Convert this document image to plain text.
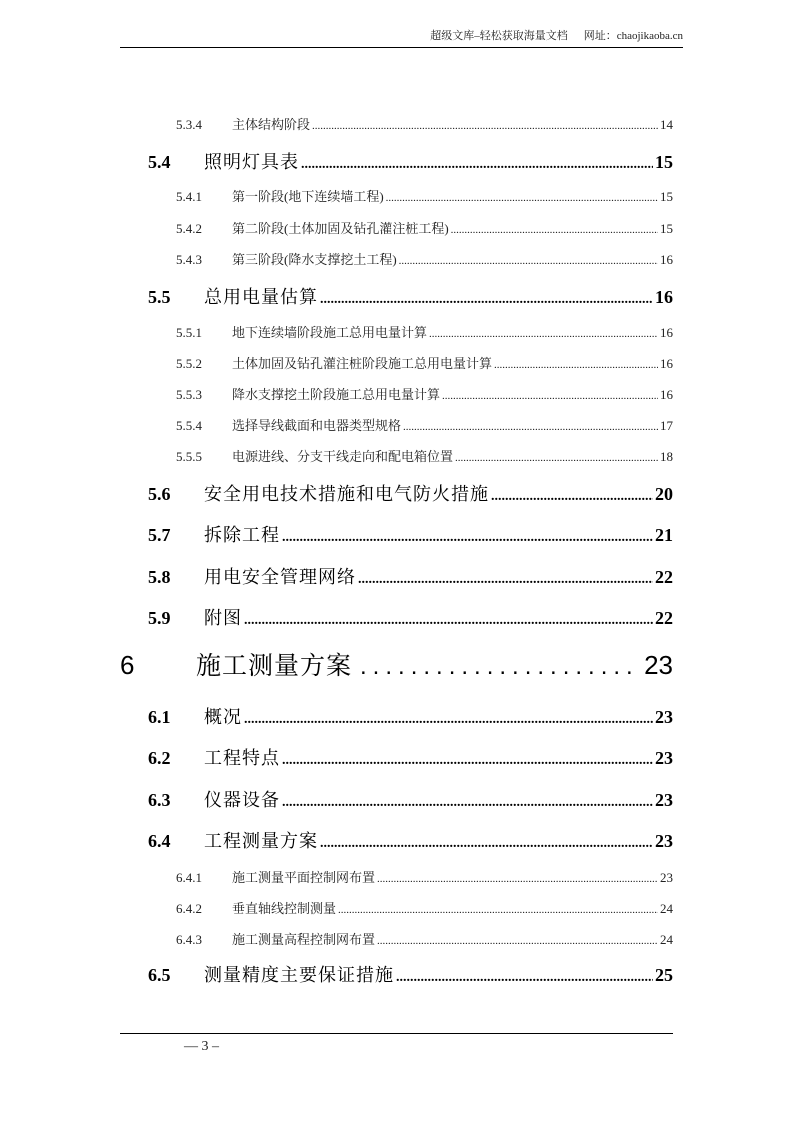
超级文库–轻松获取海量文档 网址：chaojikaoba.cn
5.3.4	主体结构阶段 .....	14
5.4	照明灯具表 .....	15
5.4.1	第一阶段(地下连续墙工程) .....	15
5.4.2	第二阶段(土体加固及钻孔灌注桩工程) .....	15
5.4.3	第三阶段(降水支撑挖土工程) .....	16
5.5	总用电量估算 .....	16
5.5.1	地下连续墙阶段施工总用电量计算 .....	16
5.5.2	土体加固及钻孔灌注桩阶段施工总用电量计算 .....	16
5.5.3	降水支撑挖土阶段施工总用电量计算 .....	16
5.5.4	选择导线截面和电器类型规格 .....	17
5.5.5	电源进线、分支干线走向和配电箱位置 .....	18
5.6	安全用电技术措施和电气防火措施 .....	20
5.7	拆除工程 .....	21
5.8	用电安全管理网络 .....	22
5.9	附图 .....	22
6	施工测量方案 .....	23
6.1	概况 .....	23
6.2	工程特点 .....	23
6.3	仪器设备 .....	23
6.4	工程测量方案 .....	23
6.4.1	施工测量平面控制网布置 .....	23
6.4.2	垂直轴线控制测量 .....	24
6.4.3	施工测量高程控制网布置 .....	24
6.5	测量精度主要保证措施 .....	25
— 3 –
